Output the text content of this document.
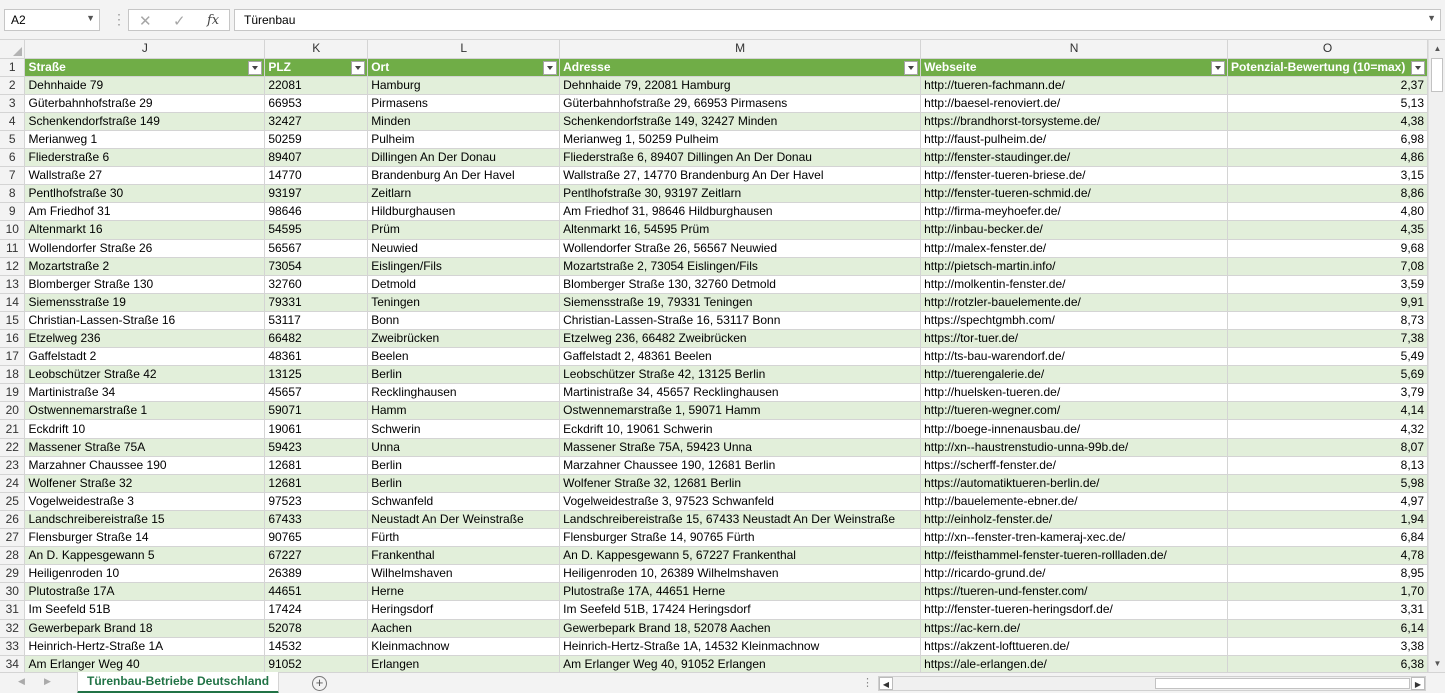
A2	▼ ⋮ ✕ ✓ fx	Türenbau	▼
	J	K	L	M	N	O
1	Straße	PLZ	Ort	Adresse	Webseite	Potenzial-Bewertung (10=max)

2	Dehnhaide 79	22081	Hamburg	Dehnhaide 79, 22081 Hamburg	http://tueren-fachmann.de/	2,37
3	Güterbahnhofstraße 29	66953	Pirmasens	Güterbahnhofstraße 29, 66953 Pirmasens	http://baesel-renoviert.de/	5,13
4	Schenkendorfstraße 149	32427	Minden	Schenkendorfstraße 149, 32427 Minden	https://brandhorst-torsysteme.de/	4,38
5	Merianweg 1	50259	Pulheim	Merianweg 1, 50259 Pulheim	http://faust-pulheim.de/	6,98
6	Fliederstraße 6	89407	Dillingen An Der Donau	Fliederstraße 6, 89407 Dillingen An Der Donau	http://fenster-staudinger.de/	4,86
7	Wallstraße 27	14770	Brandenburg An Der Havel	Wallstraße 27, 14770 Brandenburg An Der Havel	http://fenster-tueren-briese.de/	3,15
8	Pentlhofstraße 30	93197	Zeitlarn	Pentlhofstraße 30, 93197 Zeitlarn	http://fenster-tueren-schmid.de/	8,86
9	Am Friedhof 31	98646	Hildburghausen	Am Friedhof 31, 98646 Hildburghausen	http://firma-meyhoefer.de/	4,80
10	Altenmarkt 16	54595	Prüm	Altenmarkt 16, 54595 Prüm	http://inbau-becker.de/	4,35
11	Wollendorfer Straße 26	56567	Neuwied	Wollendorfer Straße 26, 56567 Neuwied	http://malex-fenster.de/	9,68
12	Mozartstraße 2	73054	Eislingen/Fils	Mozartstraße 2, 73054 Eislingen/Fils	http://pietsch-martin.info/	7,08
13	Blomberger Straße 130	32760	Detmold	Blomberger Straße 130, 32760 Detmold	http://molkentin-fenster.de/	3,59
14	Siemensstraße 19	79331	Teningen	Siemensstraße 19, 79331 Teningen	http://rotzler-bauelemente.de/	9,91
15	Christian-Lassen-Straße 16	53117	Bonn	Christian-Lassen-Straße 16, 53117 Bonn	https://spechtgmbh.com/	8,73
16	Etzelweg 236	66482	Zweibrücken	Etzelweg 236, 66482 Zweibrücken	https://tor-tuer.de/	7,38
17	Gaffelstadt 2	48361	Beelen	Gaffelstadt 2, 48361 Beelen	http://ts-bau-warendorf.de/	5,49
18	Leobschützer Straße 42	13125	Berlin	Leobschützer Straße 42, 13125 Berlin	http://tuerengalerie.de/	5,69
19	Martinistraße 34	45657	Recklinghausen	Martinistraße 34, 45657 Recklinghausen	http://huelsken-tueren.de/	3,79
20	Ostwennemarstraße 1	59071	Hamm	Ostwennemarstraße 1, 59071 Hamm	http://tueren-wegner.com/	4,14
21	Eckdrift 10	19061	Schwerin	Eckdrift 10, 19061 Schwerin	http://boege-innenausbau.de/	4,32
22	Massener Straße 75A	59423	Unna	Massener Straße 75A, 59423 Unna	http://xn--haustrenstudio-unna-99b.de/	8,07
23	Marzahner Chaussee 190	12681	Berlin	Marzahner Chaussee 190, 12681 Berlin	https://scherff-fenster.de/	8,13
24	Wolfener Straße 32	12681	Berlin	Wolfener Straße 32, 12681 Berlin	https://automatiktueren-berlin.de/	5,98
25	Vogelweidestraße 3	97523	Schwanfeld	Vogelweidestraße 3, 97523 Schwanfeld	http://bauelemente-ebner.de/	4,97
26	Landschreibereistraße 15	67433	Neustadt An Der Weinstraße	Landschreibereistraße 15, 67433 Neustadt An Der Weinstraße	http://einholz-fenster.de/	1,94
27	Flensburger Straße 14	90765	Fürth	Flensburger Straße 14, 90765 Fürth	http://xn--fenster-tren-kameraj-xec.de/	6,84
28	An D. Kappesgewann 5	67227	Frankenthal	An D. Kappesgewann 5, 67227 Frankenthal	http://feisthammel-fenster-tueren-rollladen.de/	4,78
29	Heiligenroden 10	26389	Wilhelmshaven	Heiligenroden 10, 26389 Wilhelmshaven	http://ricardo-grund.de/	8,95
30	Plutostraße 17A	44651	Herne	Plutostraße 17A, 44651 Herne	https://tueren-und-fenster.com/	1,70
31	Im Seefeld 51B	17424	Heringsdorf	Im Seefeld 51B, 17424 Heringsdorf	http://fenster-tueren-heringsdorf.de/	3,31
32	Gewerbepark Brand 18	52078	Aachen	Gewerbepark Brand 18, 52078 Aachen	https://ac-kern.de/	6,14
33	Heinrich-Hertz-Straße 1A	14532	Kleinmachnow	Heinrich-Hertz-Straße 1A, 14532 Kleinmachnow	https://akzent-lofttueren.de/	3,38
34	Am Erlanger Weg 40	91052	Erlangen	Am Erlanger Weg 40, 91052 Erlangen	https://ale-erlangen.de/	6,38
▲
▼
◀ ▶	Türenbau-Betriebe Deutschland	+	⋮	◀	▶
